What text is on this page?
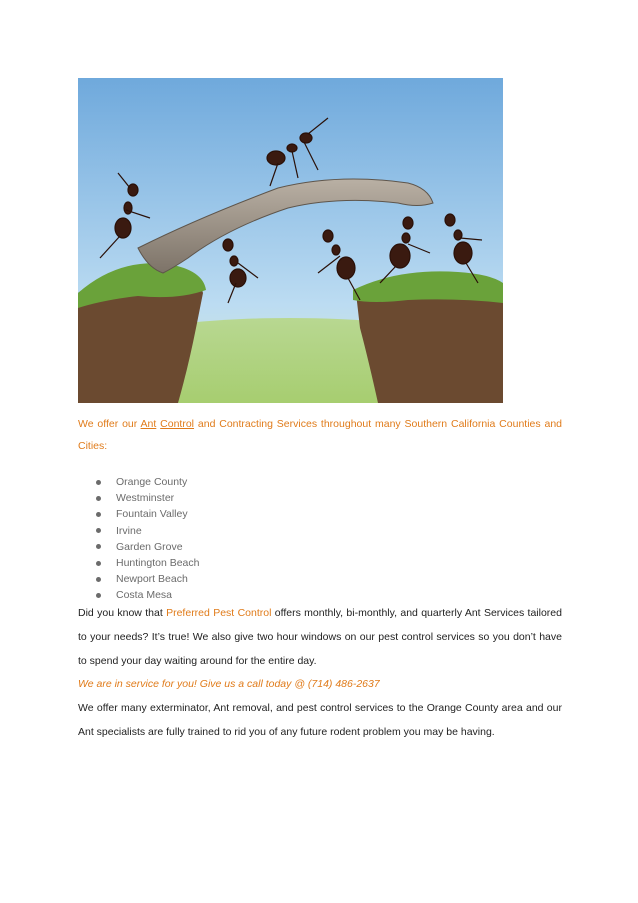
We offer our Ant Control and Contracting Services throughout many Southern California Counties and Cities:

Orange County
Westminster
Fountain Valley
Irvine
Garden Grove
Huntington Beach
Newport Beach
Costa Mesa

Did you know that Preferred Pest Control offers monthly, bi-monthly, and quarterly Ant Services tailored to your needs? It’s true! We also give two hour windows on our pest control services so you don’t have to spend your day waiting around for the entire day.

We are in service for you! Give us a call today @ (714) 486-2637

We offer many exterminator, Ant removal, and pest control services to the Orange County area and our Ant specialists are fully trained to rid you of any future rodent problem you may be having.
